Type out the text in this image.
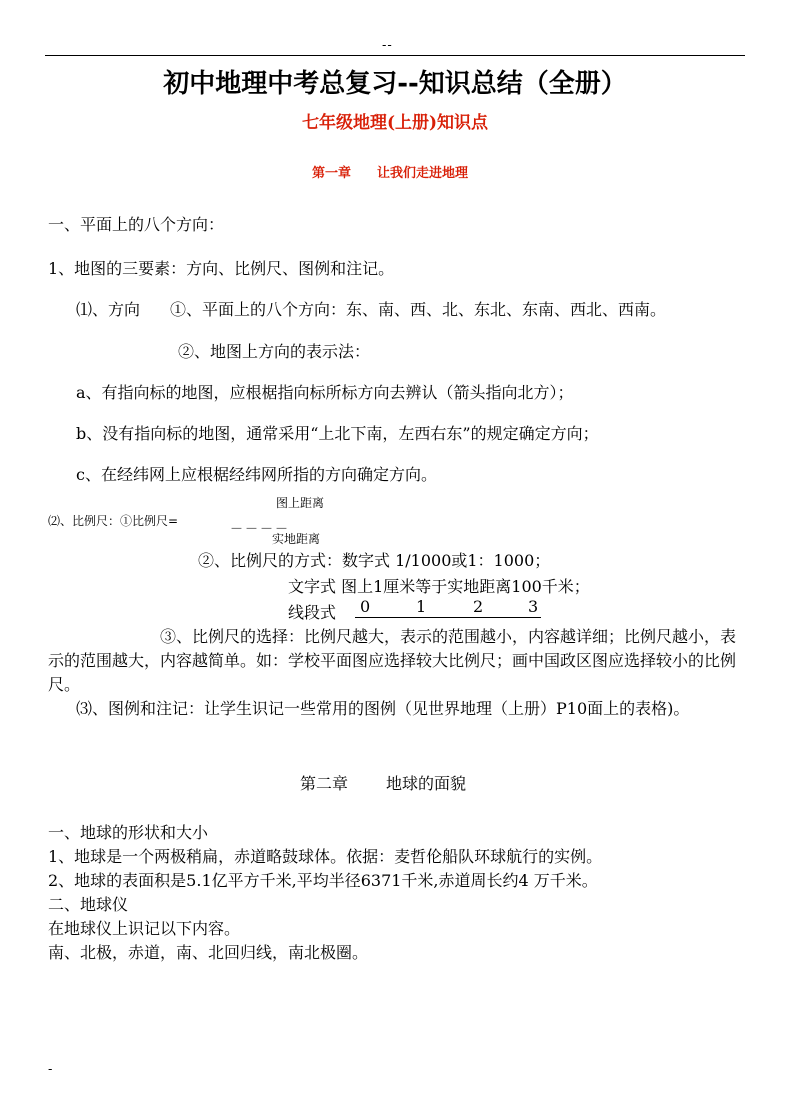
--
初中地理中考总复习--知识总结（全册）
七年级地理(上册)知识点
第一章 让我们走进地理
一、平面上的八个方向：
1、地图的三要素：方向、比例尺、图例和注记。
⑴、方向 ①、平面上的八个方向：东、南、西、北、东北、东南、西北、西南。
②、地图上方向的表示法：
a、有指向标的地图，应根椐指向标所标方向去辨认（箭头指向北方）；
b、没有指向标的地图，通常采用“上北下南，左西右东”的规定确定方向；
c、在经纬网上应根椐经纬网所指的方向确定方向。
图上距离
⑵、比例尺：①比例尺=
－－－－
实地距离
②、比例尺的方式：数字式 1/1000或1：1000；
文字式 图上1厘米等于实地距离100千米；
线段式 0	1	2	3
③、比例尺的选择：比例尺越大，表示的范围越小，内容越详细；比例尺越小，表示的范围越大，内容越简单。如：学校平面图应选择较大比例尺；画中国政区图应选择较小的比例尺。
⑶、图例和注记：让学生识记一些常用的图例（见世界地理（上册）P10面上的表格)。
第二章 地球的面貌
一、地球的形状和大小
1、地球是一个两极稍扁，赤道略鼓球体。依据：麦哲伦船队环球航行的实例。
2、地球的表面积是5.1亿平方千米,平均半径6371千米,赤道周长约4 万千米。
二、地球仪
在地球仪上识记以下内容。
南、北极，赤道，南、北回归线，南北极圈。
-
